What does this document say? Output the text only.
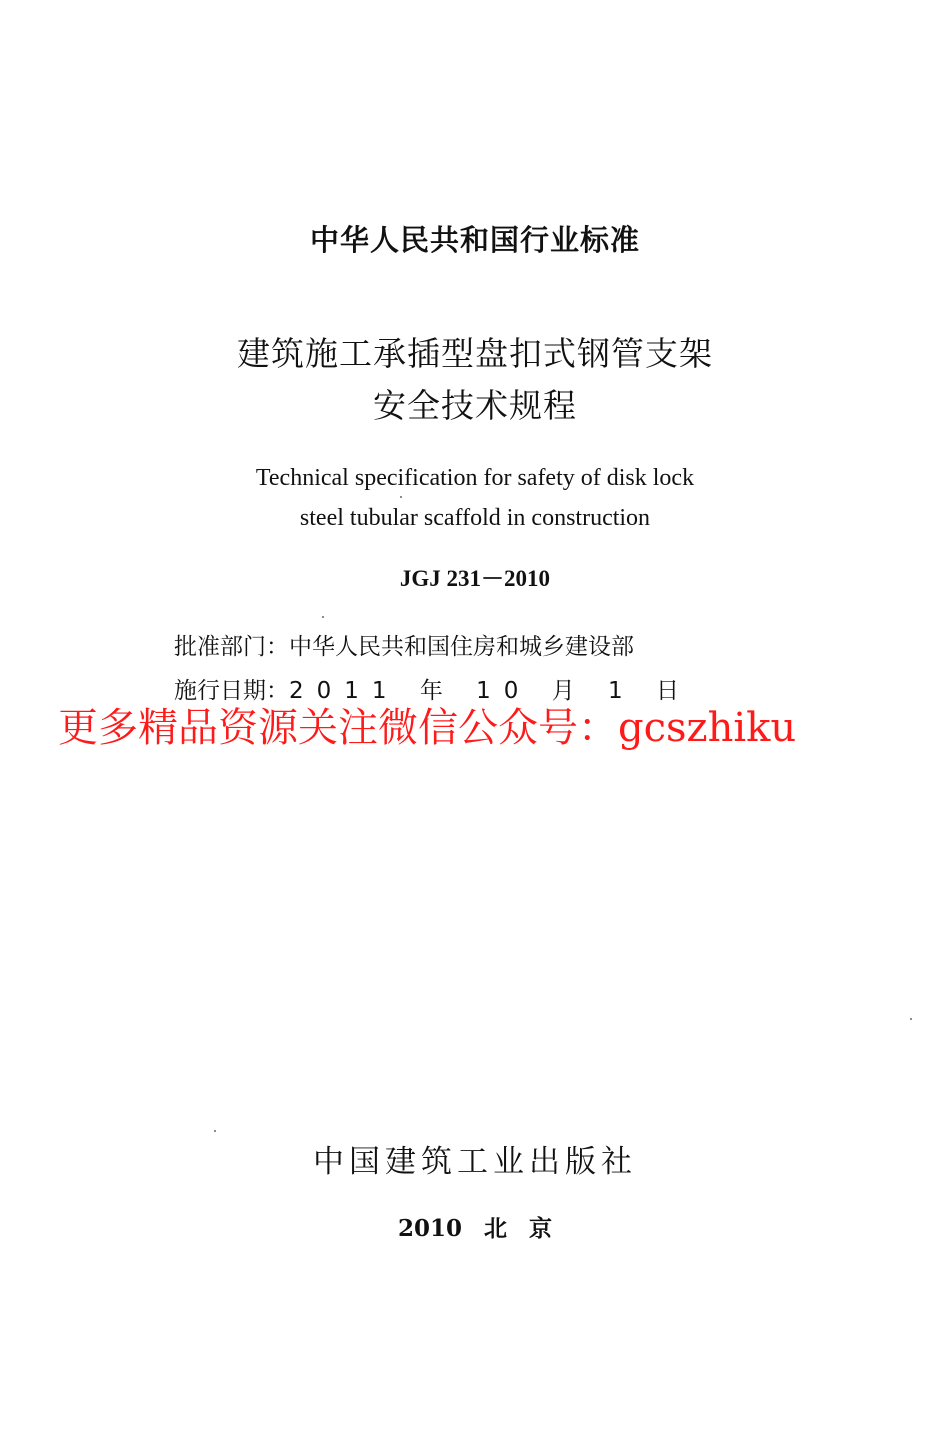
中华人民共和国行业标准
建筑施工承插型盘扣式钢管支架
安全技术规程
Technical specification for safety of disk lock
steel tubular scaffold in construction
JGJ 231－2010
批准部门：中华人民共和国住房和城乡建设部
施行日期：2011 年 10 月 1 日
更多精品资源关注微信公众号：gcszhiku
中国建筑工业出版社
2010 北 京
